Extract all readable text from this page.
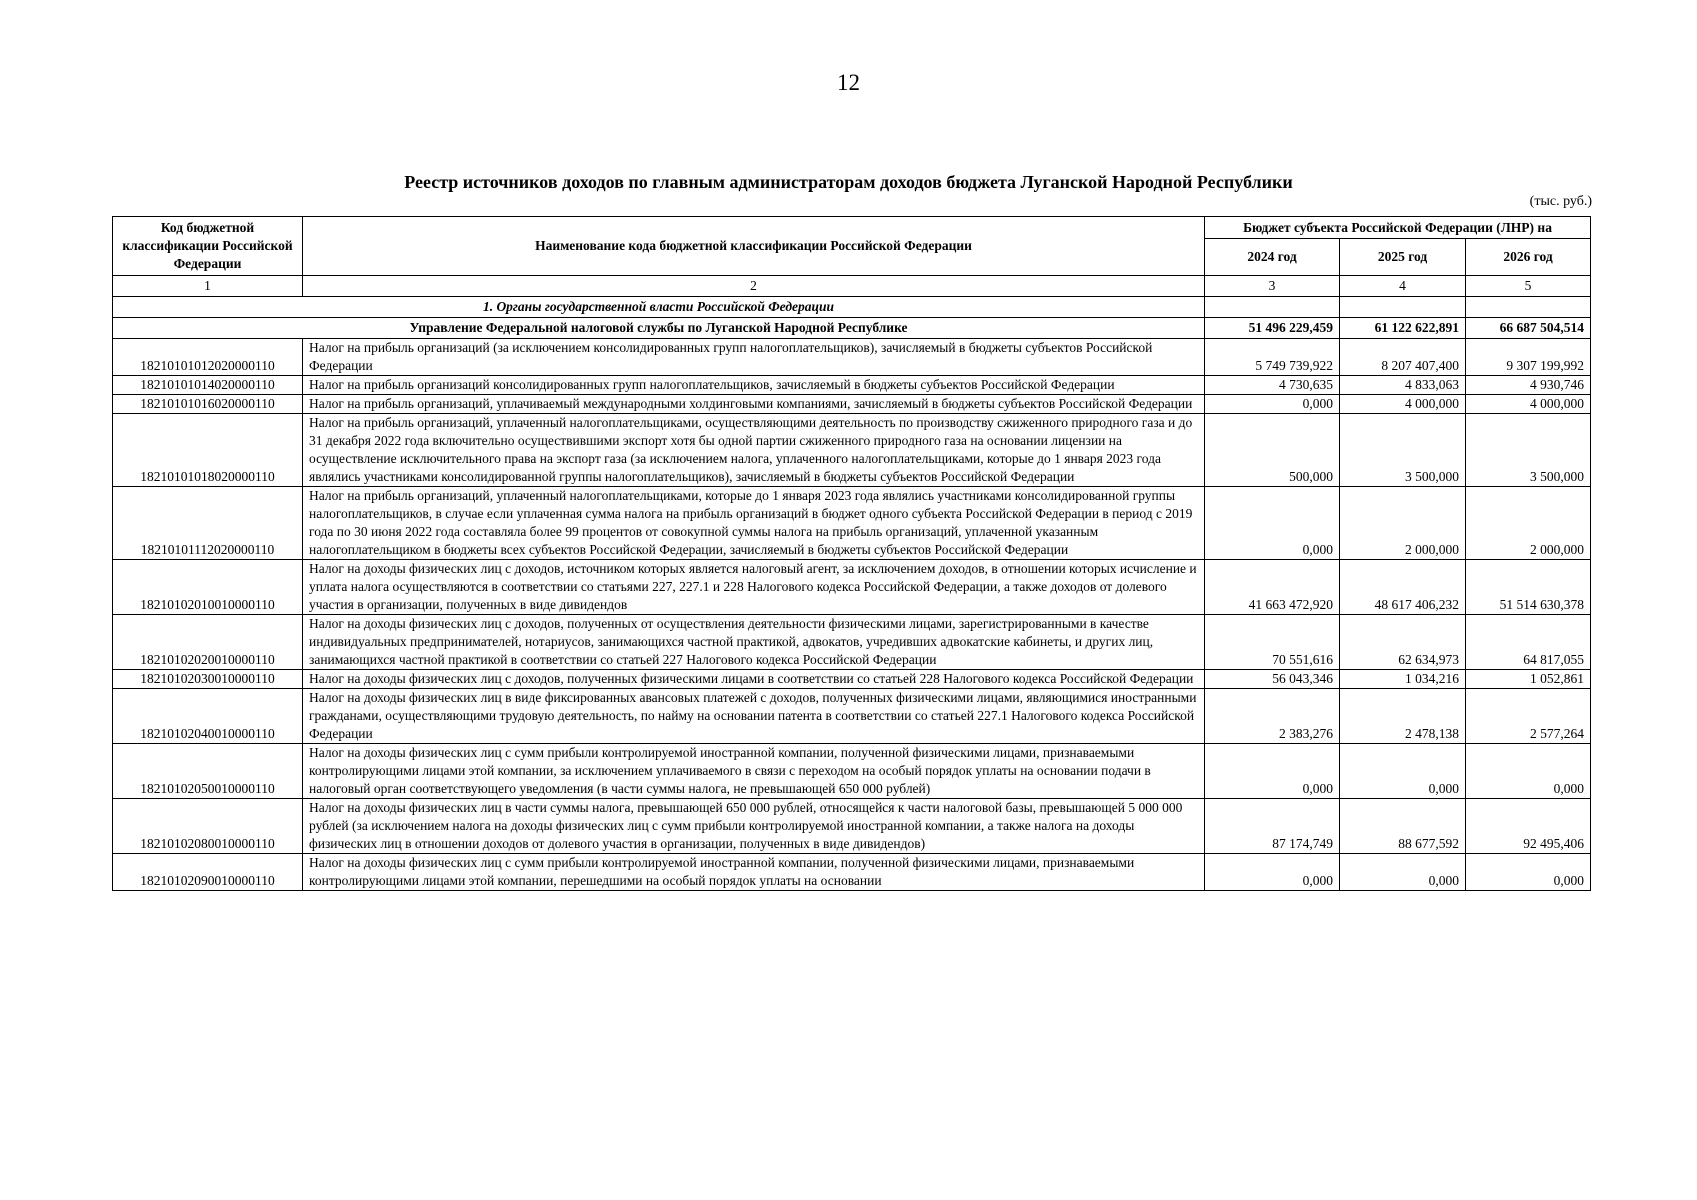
12
Реестр источников доходов по главным администраторам доходов бюджета Луганской Народной Республики
(тыс. руб.)
Код бюджетной классификации Российской Федерации	Наименование кода бюджетной классификации Российской Федерации	Бюджет субъекта Российской Федерации (ЛНР) на		
		2024 год	2025 год	2026 год
1	2	3	4	5
1. Органы государственной власти Российской Федерации				
Управление Федеральной налоговой службы по Луганской Народной Республике		51 496 229,459	61 122 622,891	66 687 504,514
18210101012020000110	Налог на прибыль организаций (за исключением консолидированных групп налогоплательщиков), зачисляемый в бюджеты субъектов Российской Федерации	5 749 739,922	8 207 407,400	9 307 199,992
18210101014020000110	Налог на прибыль организаций консолидированных групп налогоплательщиков, зачисляемый в бюджеты субъектов Российской Федерации	4 730,635	4 833,063	4 930,746
18210101016020000110	Налог на прибыль организаций, уплачиваемый международными холдинговыми компаниями, зачисляемый в бюджеты субъектов Российской Федерации	0,000	4 000,000	4 000,000
18210101018020000110	Налог на прибыль организаций, уплаченный налогоплательщиками, осуществляющими деятельность по производству сжиженного природного газа и до 31 декабря 2022 года включительно осуществившими экспорт хотя бы одной партии сжиженного природного газа на основании лицензии на осуществление исключительного права на экспорт газа (за исключением налога, уплаченного налогоплательщиками, которые до 1 января 2023 года являлись участниками консолидированной группы налогоплательщиков), зачисляемый в бюджеты субъектов Российской Федерации	500,000	3 500,000	3 500,000
18210101112020000110	Налог на прибыль организаций, уплаченный налогоплательщиками, которые до 1 января 2023 года являлись участниками консолидированной группы налогоплательщиков, в случае если уплаченная сумма налога на прибыль организаций в бюджет одного субъекта Российской Федерации в период с 2019 года по 30 июня 2022 года составляла более 99 процентов от совокупной суммы налога на прибыль организаций, уплаченной указанным налогоплательщиком в бюджеты всех субъектов Российской Федерации, зачисляемый в бюджеты субъектов Российской Федерации	0,000	2 000,000	2 000,000
18210102010010000110	Налог на доходы физических лиц с доходов, источником которых является налоговый агент, за исключением доходов, в отношении которых исчисление и уплата налога осуществляются в соответствии со статьями 227, 227.1 и 228 Налогового кодекса Российской Федерации, а также доходов от долевого участия в организации, полученных в виде дивидендов	41 663 472,920	48 617 406,232	51 514 630,378
18210102020010000110	Налог на доходы физических лиц с доходов, полученных от осуществления деятельности физическими лицами, зарегистрированными в качестве индивидуальных предпринимателей, нотариусов, занимающихся частной практикой, адвокатов, учредивших адвокатские кабинеты, и других лиц, занимающихся частной практикой в соответствии со статьей 227 Налогового кодекса Российской Федерации	70 551,616	62 634,973	64 817,055
18210102030010000110	Налог на доходы физических лиц с доходов, полученных физическими лицами в соответствии со статьей 228 Налогового кодекса Российской Федерации	56 043,346	1 034,216	1 052,861
18210102040010000110	Налог на доходы физических лиц в виде фиксированных авансовых платежей с доходов, полученных физическими лицами, являющимися иностранными гражданами, осуществляющими трудовую деятельность, по найму на основании патента в соответствии со статьей 227.1 Налогового кодекса Российской Федерации	2 383,276	2 478,138	2 577,264
18210102050010000110	Налог на доходы физических лиц с сумм прибыли контролируемой иностранной компании, полученной физическими лицами, признаваемыми контролирующими лицами этой компании, за исключением уплачиваемого в связи с переходом на особый порядок уплаты на основании подачи в налоговый орган соответствующего уведомления (в части суммы налога, не превышающей 650 000 рублей)	0,000	0,000	0,000
18210102080010000110	Налог на доходы физических лиц в части суммы налога, превышающей 650 000 рублей, относящейся к части налоговой базы, превышающей 5 000 000 рублей (за исключением налога на доходы физических лиц с сумм прибыли контролируемой иностранной компании, а также налога на доходы физических лиц в отношении доходов от долевого участия в организации, полученных в виде дивидендов)	87 174,749	88 677,592	92 495,406
18210102090010000110	Налог на доходы физических лиц с сумм прибыли контролируемой иностранной компании, полученной физическими лицами, признаваемыми контролирующими лицами этой компании, перешедшими на особый порядок уплаты на основании	0,000	0,000	0,000
